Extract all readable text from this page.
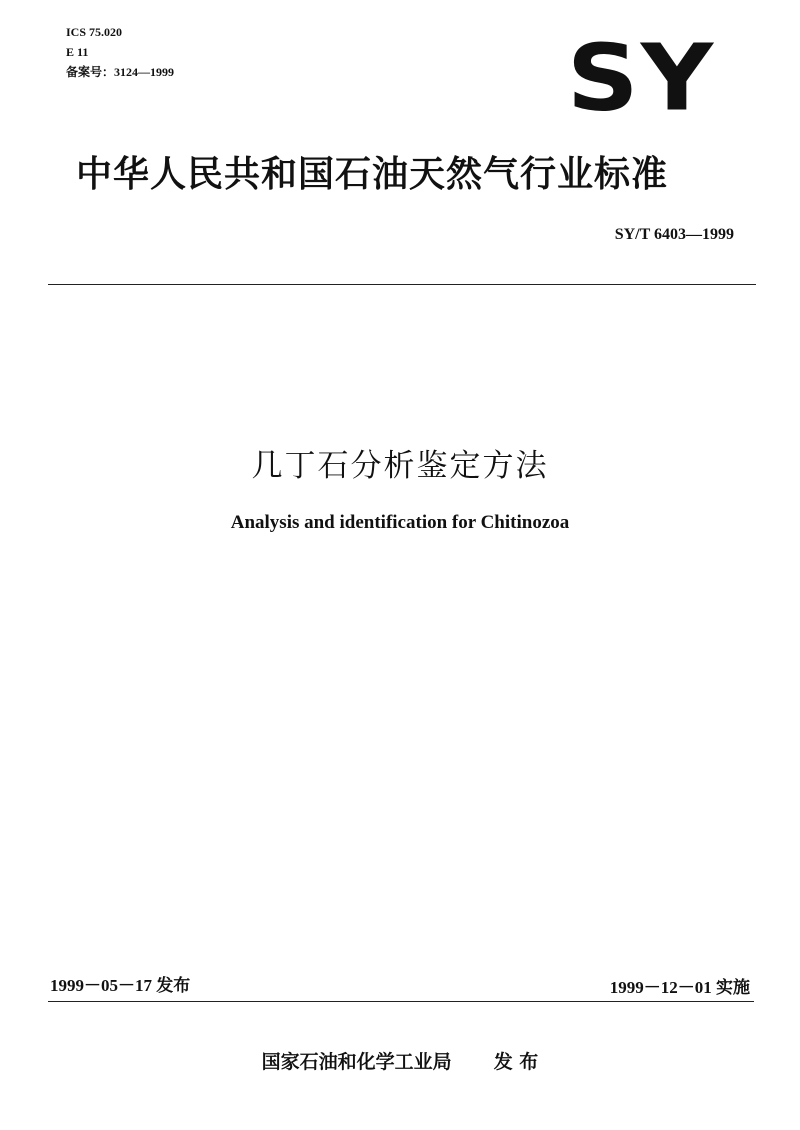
ICS 75.020
E 11
备案号：3124—1999	SY
中华人民共和国石油天然气行业标准
SY/T 6403—1999
几丁石分析鉴定方法
Analysis and identification for Chitinozoa
1999－05－17 发布	1999－12－01 实施
国家石油和化学工业局 发 布
